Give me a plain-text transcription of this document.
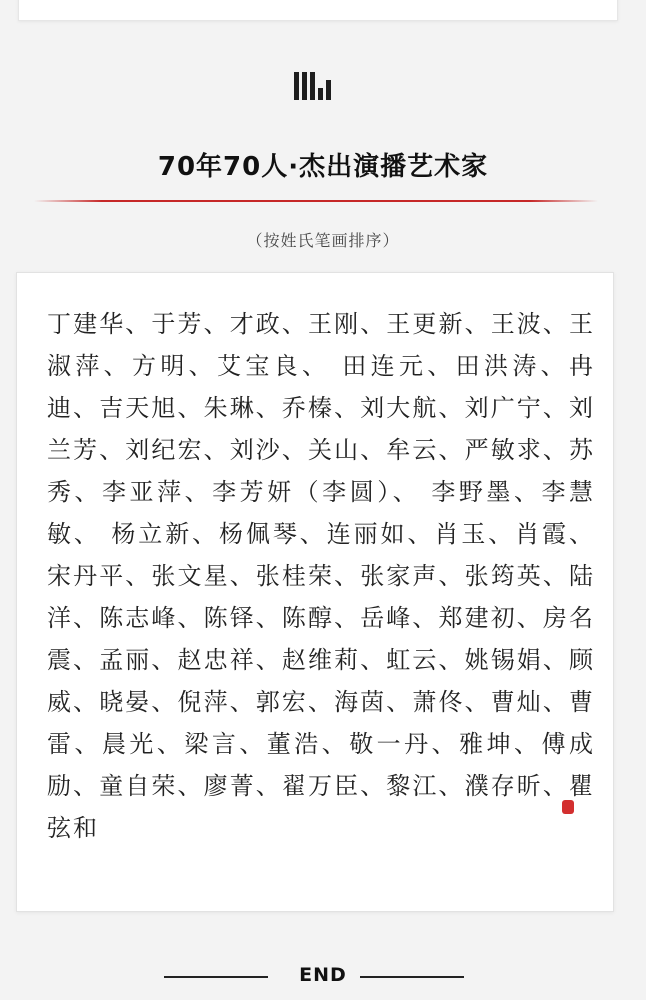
70年70人·杰出演播艺术家
（按姓氏笔画排序）

丁建华、于芳、才政、王刚、王更新、王波、王淑萍、方明、艾宝良、 田连元、田洪涛、冉迪、吉天旭、朱琳、乔榛、刘大航、刘广宁、刘兰芳、刘纪宏、刘沙、关山、牟云、严敏求、苏秀、李亚萍、李芳妍（李圆）、 李野墨、李慧敏、 杨立新、杨佩琴、连丽如、肖玉、肖霞、宋丹平、张文星、张桂荣、张家声、张筠英、陆洋、陈志峰、陈铎、陈醇、岳峰、郑建初、房名震、孟丽、赵忠祥、赵维莉、虹云、姚锡娟、顾威、晓晏、倪萍、郭宏、海茵、萧佟、曹灿、曹雷、晨光、梁言、董浩、敬一丹、雅坤、傅成励、童自荣、廖菁、翟万臣、黎江、濮存昕、瞿弦和

END
